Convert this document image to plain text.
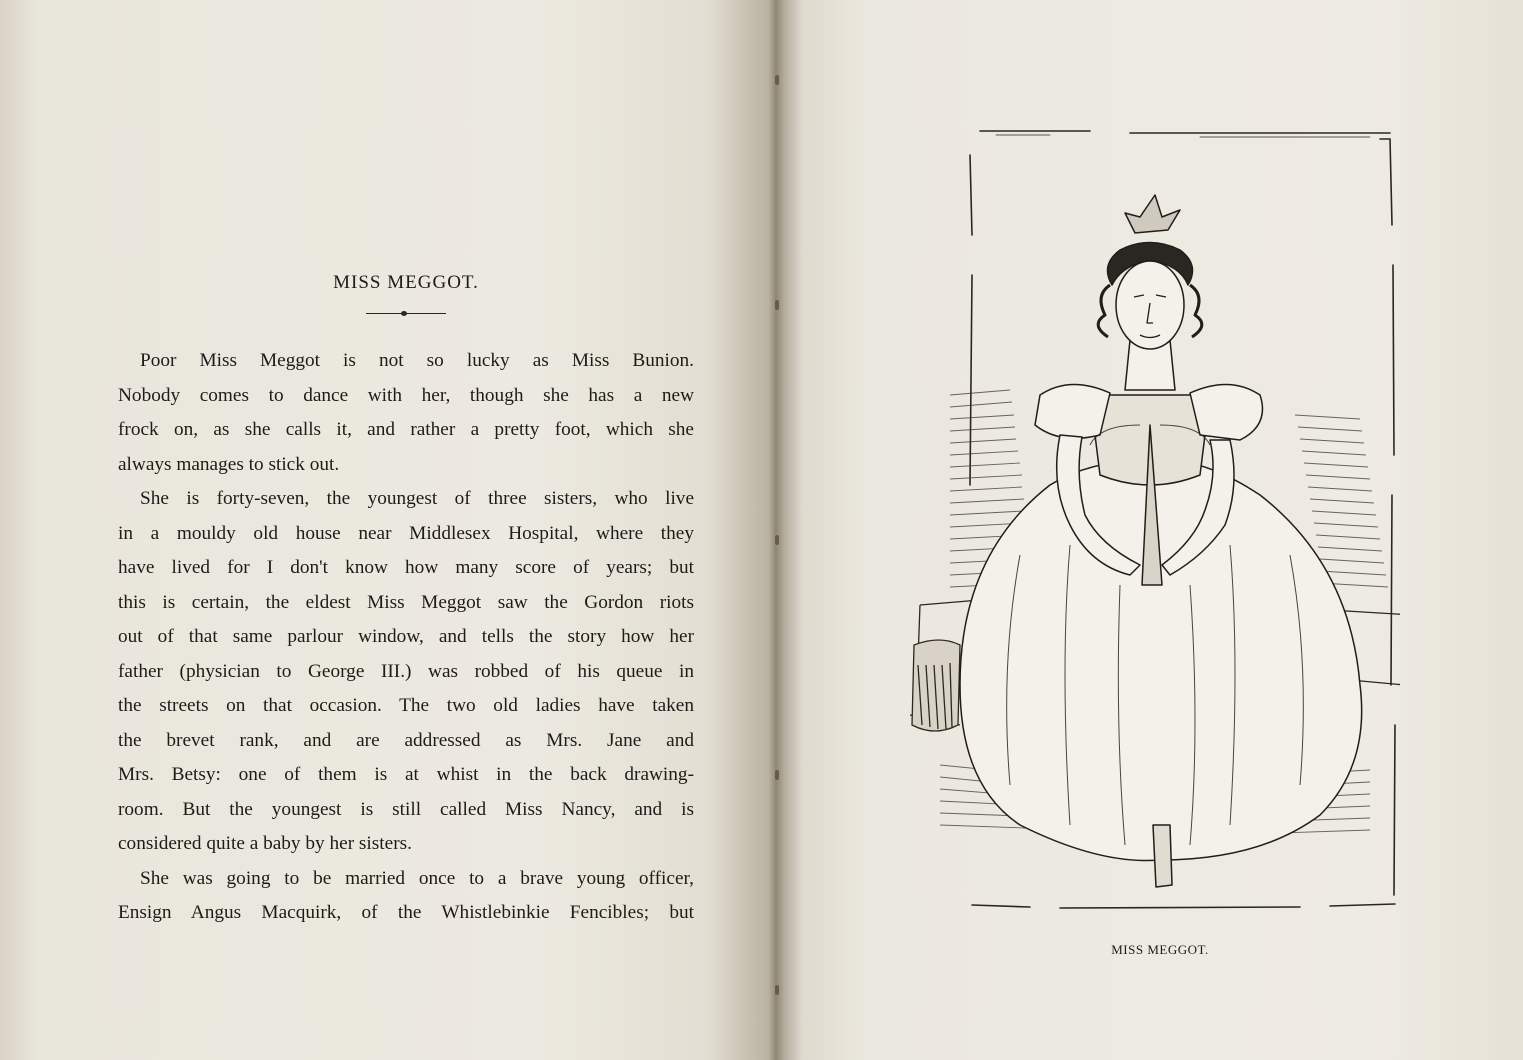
MISS MEGGOT.

Poor Miss Meggot is not so lucky as Miss Bunion.
Nobody comes to dance with her, though she has a new
frock on, as she calls it, and rather a pretty foot, which she
always manages to stick out.

She is forty-seven, the youngest of three sisters, who live
in a mouldy old house near Middlesex Hospital, where they
have lived for I don't know how many score of years; but
this is certain, the eldest Miss Meggot saw the Gordon riots
out of that same parlour window, and tells the story how her
father (physician to George III.) was robbed of his queue in
the streets on that occasion. The two old ladies have taken
the brevet rank, and are addressed as Mrs. Jane and
Mrs. Betsy: one of them is at whist in the back drawing-
room. But the youngest is still called Miss Nancy, and is
considered quite a baby by her sisters.

She was going to be married once to a brave young officer,
Ensign Angus Macquirk, of the Whistlebinkie Fencibles; but

MISS MEGGOT.
